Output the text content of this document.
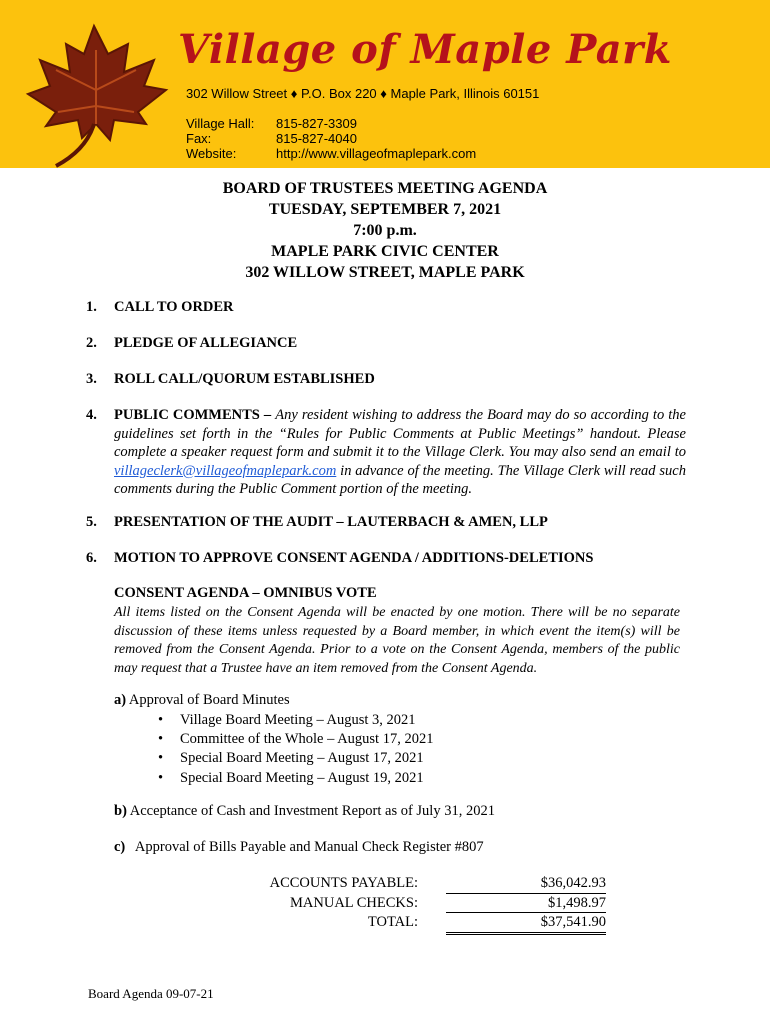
Village of Maple Park
302 Willow Street ♦ P.O. Box 220 ♦ Maple Park, Illinois 60151
Village Hall:	815-827-3309
Fax:	815-827-4040
Website:	http://www.villageofmaplepark.com
BOARD OF TRUSTEES MEETING AGENDA
TUESDAY, SEPTEMBER 7, 2021
7:00 p.m.
MAPLE PARK CIVIC CENTER
302 WILLOW STREET, MAPLE PARK
1. CALL TO ORDER
2. PLEDGE OF ALLEGIANCE
3. ROLL CALL/QUORUM ESTABLISHED
4. PUBLIC COMMENTS – Any resident wishing to address the Board may do so according to the guidelines set forth in the “Rules for Public Comments at Public Meetings” handout. Please complete a speaker request form and submit it to the Village Clerk. You may also send an email to villageclerk@villageofmaplepark.com in advance of the meeting. The Village Clerk will read such comments during the Public Comment portion of the meeting.
5. PRESENTATION OF THE AUDIT – LAUTERBACH & AMEN, LLP
6. MOTION TO APPROVE CONSENT AGENDA / ADDITIONS-DELETIONS
CONSENT AGENDA – OMNIBUS VOTE
All items listed on the Consent Agenda will be enacted by one motion. There will be no separate discussion of these items unless requested by a Board member, in which event the item(s) will be removed from the Consent Agenda. Prior to a vote on the Consent Agenda, members of the public may request that a Trustee have an item removed from the Consent Agenda.
a) Approval of Board Minutes
• Village Board Meeting – August 3, 2021
• Committee of the Whole – August 17, 2021
• Special Board Meeting – August 17, 2021
• Special Board Meeting – August 19, 2021
b) Acceptance of Cash and Investment Report as of July 31, 2021
c) Approval of Bills Payable and Manual Check Register #807
ACCOUNTS PAYABLE:	$36,042.93
MANUAL CHECKS:	$1,498.97
TOTAL:	$37,541.90
Board Agenda 09-07-21
